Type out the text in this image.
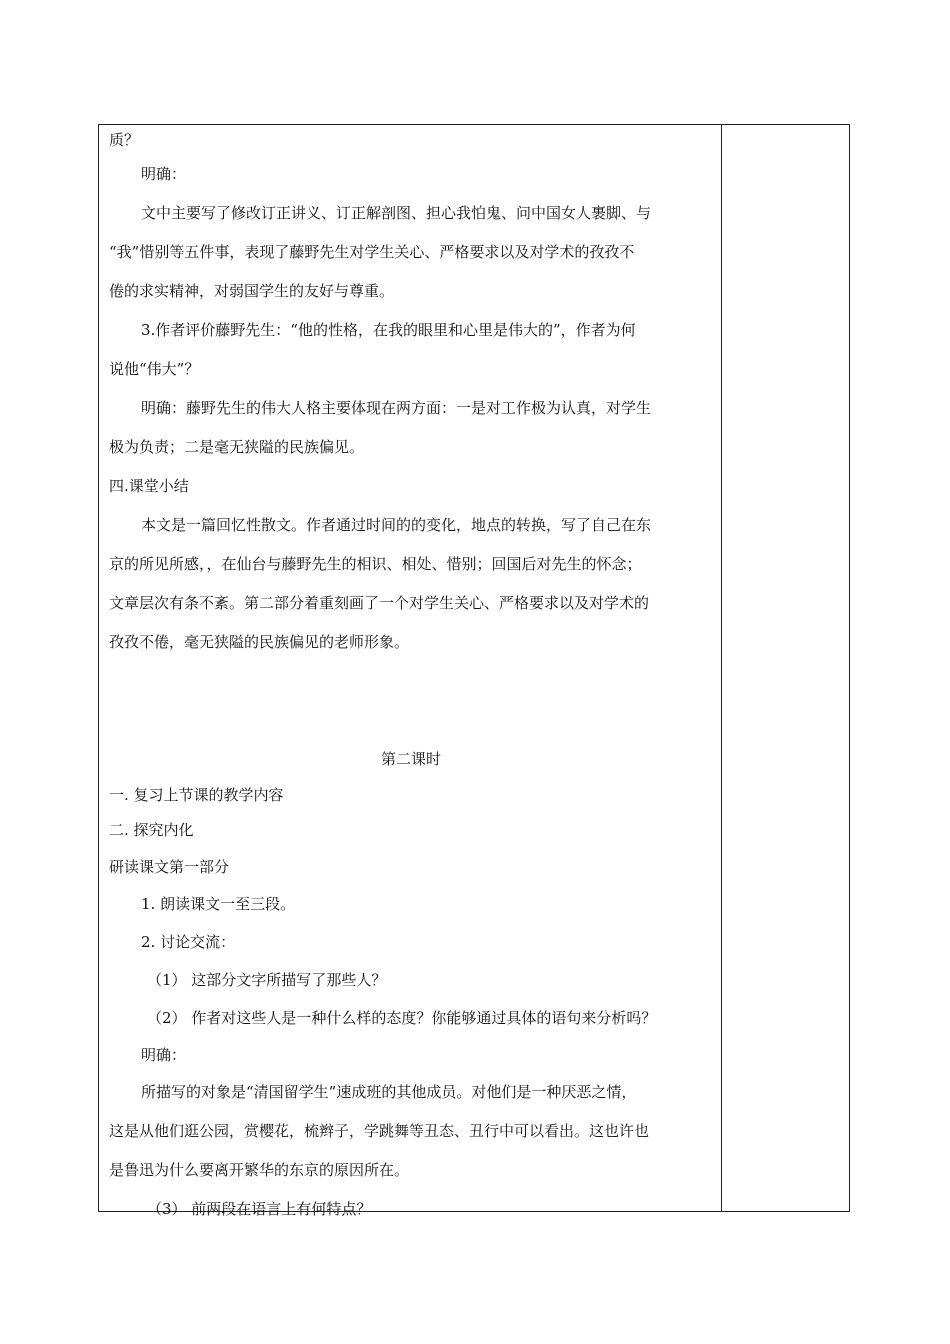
质？

明确：

文中主要写了修改订正讲义、订正解剖图、担心我怕鬼、问中国女人裹脚、与

“我”惜别等五件事，表现了藤野先生对学生关心、严格要求以及对学术的孜孜不

倦的求实精神，对弱国学生的友好与尊重。

3.作者评价藤野先生：“他的性格，在我的眼里和心里是伟大的”，作者为何

说他“伟大”？

明确：藤野先生的伟大人格主要体现在两方面：一是对工作极为认真，对学生

极为负责；二是毫无狭隘的民族偏见。

四.课堂小结

本文是一篇回忆性散文。作者通过时间的的变化，地点的转换，写了自己在东

京的所见所感，，在仙台与藤野先生的相识、相处、惜别；回国后对先生的怀念；

文章层次有条不紊。第二部分着重刻画了一个对学生关心、严格要求以及对学术的

孜孜不倦，毫无狭隘的民族偏见的老师形象。

第二课时

一. 复习上节课的教学内容

二. 探究内化

研读课文第一部分

1. 朗读课文一至三段。

2. 讨论交流：

（1） 这部分文字所描写了那些人？

（2） 作者对这些人是一种什么样的态度？你能够通过具体的语句来分析吗？

明确：

所描写的对象是“清国留学生”速成班的其他成员。对他们是一种厌恶之情，

这是从他们逛公园，赏樱花，梳辫子，学跳舞等丑态、丑行中可以看出。这也许也

是鲁迅为什么要离开繁华的东京的原因所在。

（3） 前两段在语言上有何特点？
